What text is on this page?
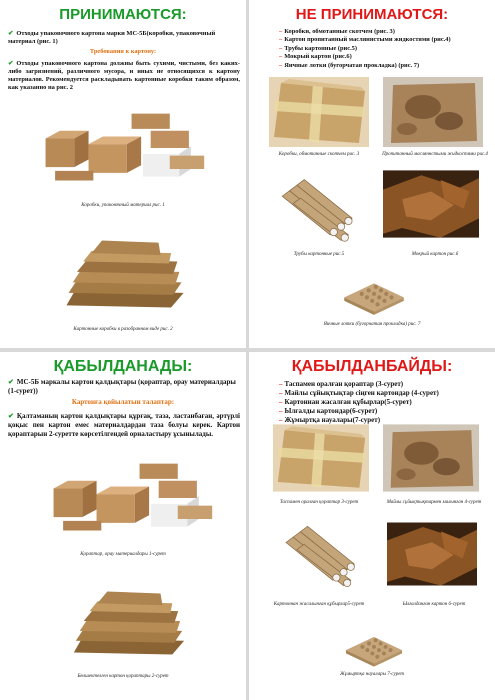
ПРИНИМАЮТСЯ:
✔ Отходы упаковочного картона марки МС-5Б(коробки, упаковочный материал (рис. 1)
Требования к картону:
✔ Отходы упаковочного картона должны быть сухими, чистыми, без каких-либо загрязнений, различного мусора, и иных не относящихся к картону материалов. Рекомендуется раскладывать картонные коробки таким образом, как указанно на рис. 2
Коробки, упаковочный материал рис. 1
Картонные коробки в разобранном виде рис. 2
НЕ ПРИНИМАЮТСЯ:
– Коробки, обмотанные скотчем (рис. 3)
– Картон пропитанный масляннстыми жидкостями (рис.4)
– Трубы картонные (рис.5)
– Мокрый картон (рис.6)
– Яичные лотки (бугорчатая прокладка) (рис. 7)
Коробки, обмотанные скотчем рис. 3	Пропитанный масляннстыми жидкостями рис.4
Трубы картонные рис.5	Мокрый картон рис.6
Яичные лотки (бугорчатая прокладка) рис. 7
ҚАБЫЛДАНАДЫ:
✔ МС-5Б маркалы картон қалдықтары (қораптар, орау материалдары (1-сурет))
Картонға қойылатын талаптар:
✔ Қалтаманың картон қалдықтары құрғақ, таза, ластанбаған, әртүрлі қоқыс пен картон емес материалдардан таза болуы керек. Картон қораптарын 2-суретте көрсетілгендей орналастыру ұсынылады.
Қораптар, орау материалдары 1-сурет
Бөлшектелген картон қораптары 2-сурет
ҚАБЫЛДАНБАЙДЫ:
– Таспамен оралған қораптар (3-сурет)
– Майлы сұйықтықтар сіңген картондар (4-сурет)
– Картоннан жасалған құбырлар(5-сурет)
– Ылғалды картондар(6-сурет)
– Жұмыртқа науалары(7-сурет)
Таспамен оралған қораптар 3-сурет	Майлы сұйықтықтармен малынған 4-сурет
Картоннан жасалынған құбырлар5-сурет	Ылғалданған картон 6-сурет
Жұмыртқа науалары 7-сурет
